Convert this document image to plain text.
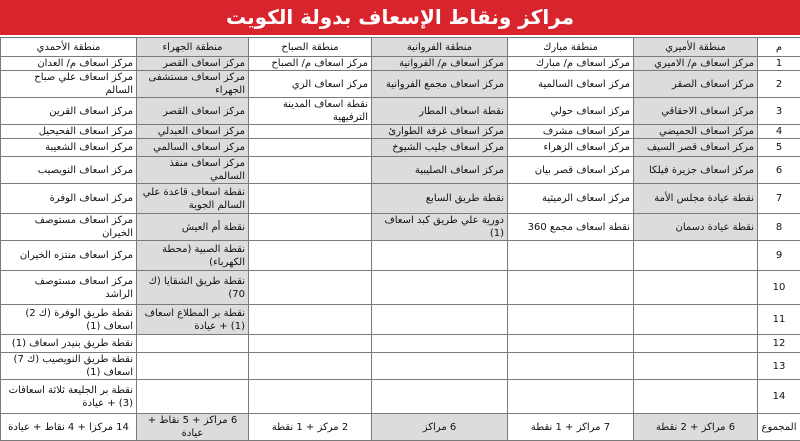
مراكز ونقاط الإسعاف بدولة الكويت
م	منطقة الأميري	منطقة مبارك	منطقة الفروانية	منطقة الصباح	منطقة الجهراء	منطقة الأحمدي
1	مركز اسعاف م/ الاميري	مركز اسعاف م/ مبارك	مركز اسعاف م/ الفروانية	مركز اسعاف م/ الصباح	مركز اسعاف القصر	مركز اسعاف م/ العدان
2	مركز اسعاف الصقر	مركز اسعاف السالمية	مركز اسعاف مجمع الفروانية	مركز اسعاف الري	مركز اسعاف مستشفى الجهراء	مركز اسعاف علي صباح السالم
3	مركز اسعاف الاحقاقي	مركز اسعاف حولي	نقطة اسعاف المطار	نقطة اسعاف المدينة الترفيهية	مركز اسعاف القصر	مركز اسعاف القرين
4	مركز اسعاف الحميضي	مركز اسعاف مشرف	مركز اسعاف غرفة الطوارئ		مركز اسعاف العبدلي	مركز اسعاف الفحيحيل
5	مركز اسعاف قصر السيف	مركز اسعاف الزهراء	مركز اسعاف جليب الشيوخ		مركز اسعاف السالمي	مركز اسعاف الشعيبة
6	مركز اسعاف جزيرة فيلكا	مركز اسعاف قصر بيان	مركز اسعاف الصليبية		مركز اسعاف منفذ السالمي	مركز اسعاف النويصيب
7	نقطة عيادة مجلس الأمة	مركز اسعاف الرميثية	نقطة طريق السابع		نقطة اسعاف قاعدة علي السالم الجوية	مركز اسعاف الوفرة
8	نقطة عيادة دسمان	نقطة اسعاف مجمع 360	دورية علي طريق كبد اسعاف (1)		نقطة أم العيش	مركز اسعاف مستوصف الخيران
9					نقطة الصبية (محطة الكهرباء)	مركز اسعاف منتزه الخيران
10					نقطة طريق الشقايا (ك 70)	مركز اسعاف مستوصف الراشد
11					نقطة بر المطلاع اسعاف (1) + عيادة	نقطة طريق الوفرة (ك 2) اسعاف (1)
12						نقطة طريق بنيدر اسعاف (1)
13						نقطة طريق النويصيب (ك 7) اسعاف (1)
14						نقطة بر الجليعة ثلاثة اسعافات (3) + عيادة
المجموع	6 مراكز + 2 نقطة	7 مراكز + 1 نقطة	6 مراكز	2 مركز + 1 نقطة	6 مراكز + 5 نقاط + عيادة	14 مركزا + 4 نقاط + عيادة
